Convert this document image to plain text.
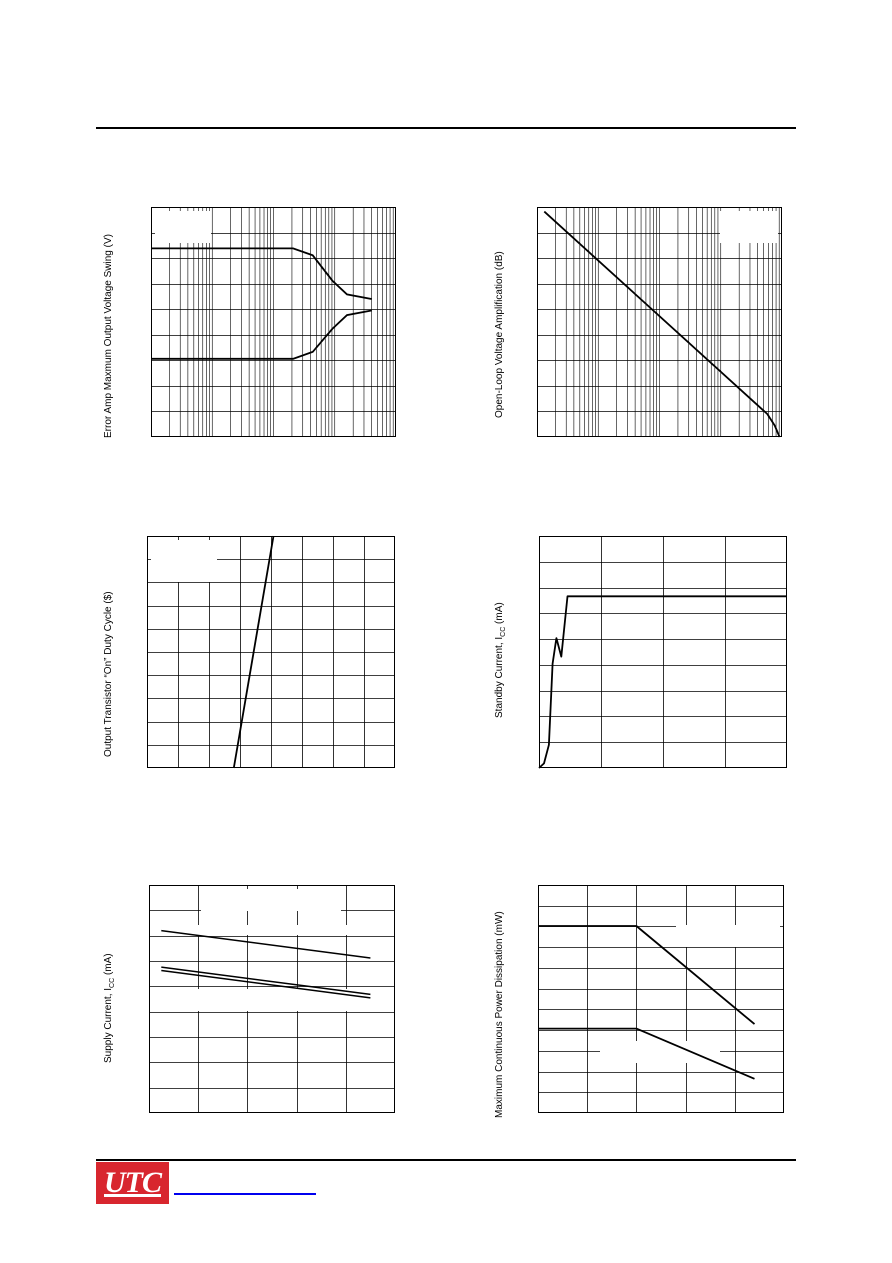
Error Amp Maxmum Output Voltage Swing (V)	Open-Loop Voltage Amplification (dB)
Output Transistor “On” Duty Cycle ($)	Standby Current, $I_{CC}$ (mA)
Supply Current, $I_{CC}$ (mA)	Maximum Continuous Power Dissipation (mW)
UTC
